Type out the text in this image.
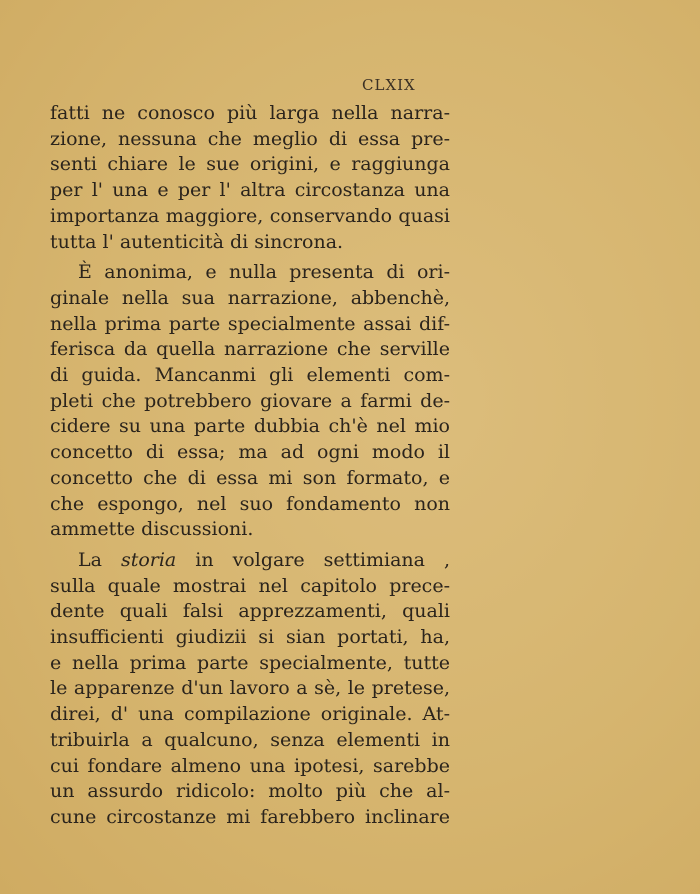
CLXIX
fatti ne conosco più larga nella narra-
zione, nessuna che meglio di essa pre-
senti chiare le sue origini, e raggiunga
per l' una e per l' altra circostanza una
importanza maggiore, conservando quasi
tutta l' autenticità di sincrona.
È anonima, e nulla presenta di ori-
ginale nella sua narrazione, abbenchè,
nella prima parte specialmente assai dif-
ferisca da quella narrazione che serville
di guida. Mancanmi gli elementi com-
pleti che potrebbero giovare a farmi de-
cidere su una parte dubbia ch'è nel mio
concetto di essa; ma ad ogni modo il
concetto che di essa mi son formato, e
che espongo, nel suo fondamento non
ammette discussioni.
La storia in volgare settimiana ,
sulla quale mostrai nel capitolo prece-
dente quali falsi apprezzamenti, quali
insufficienti giudizii si sian portati, ha,
e nella prima parte specialmente, tutte
le apparenze d'un lavoro a sè, le pretese,
direi, d' una compilazione originale. At-
tribuirla a qualcuno, senza elementi in
cui fondare almeno una ipotesi, sarebbe
un assurdo ridicolo: molto più che al-
cune circostanze mi farebbero inclinare
